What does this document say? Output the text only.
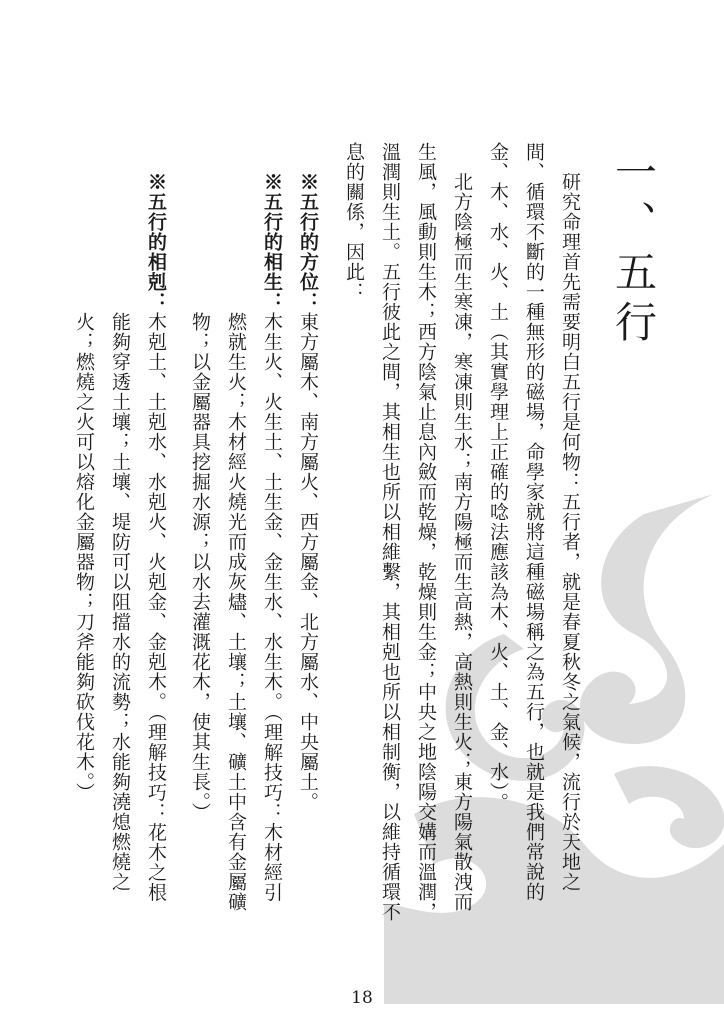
一、五行
研究命理首先需要明白五行是何物：五行者，就是春夏秋冬之氣候，流行於天地之
間、循環不斷的一種無形的磁場，命學家就將這種磁場稱之為五行，也就是我們常說的
金、木、水、火、土（其實學理上正確的唸法應該為木、火、土、金、水）。
北方陰極而生寒凍，寒凍則生水；南方陽極而生高熱，高熱則生火；東方陽氣散洩而
生風，風動則生木；西方陰氣止息內斂而乾燥，乾燥則生金；中央之地陰陽交媾而溫潤，
溫潤則生土。五行彼此之間，其相生也所以相維繫，其相剋也所以相制衡，以維持循環不
息的關係，因此：
※五行的方位：東方屬木、南方屬火、西方屬金、北方屬水、中央屬土。
※五行的相生：木生火、火生土、土生金、金生水、水生木。（理解技巧：木材經引
燃就生火；木材經火燒光而成灰燼、土壤；土壤、礦土中含有金屬礦
物；以金屬器具挖掘水源；以水去灌溉花木，使其生長。）
※五行的相剋：木剋土、土剋水、水剋火、火剋金、金剋木。（理解技巧：花木之根
能夠穿透土壤；土壤、堤防可以阻擋水的流勢；水能夠澆熄燃燒之
火；燃燒之火可以熔化金屬器物；刀斧能夠砍伐花木。）
18
